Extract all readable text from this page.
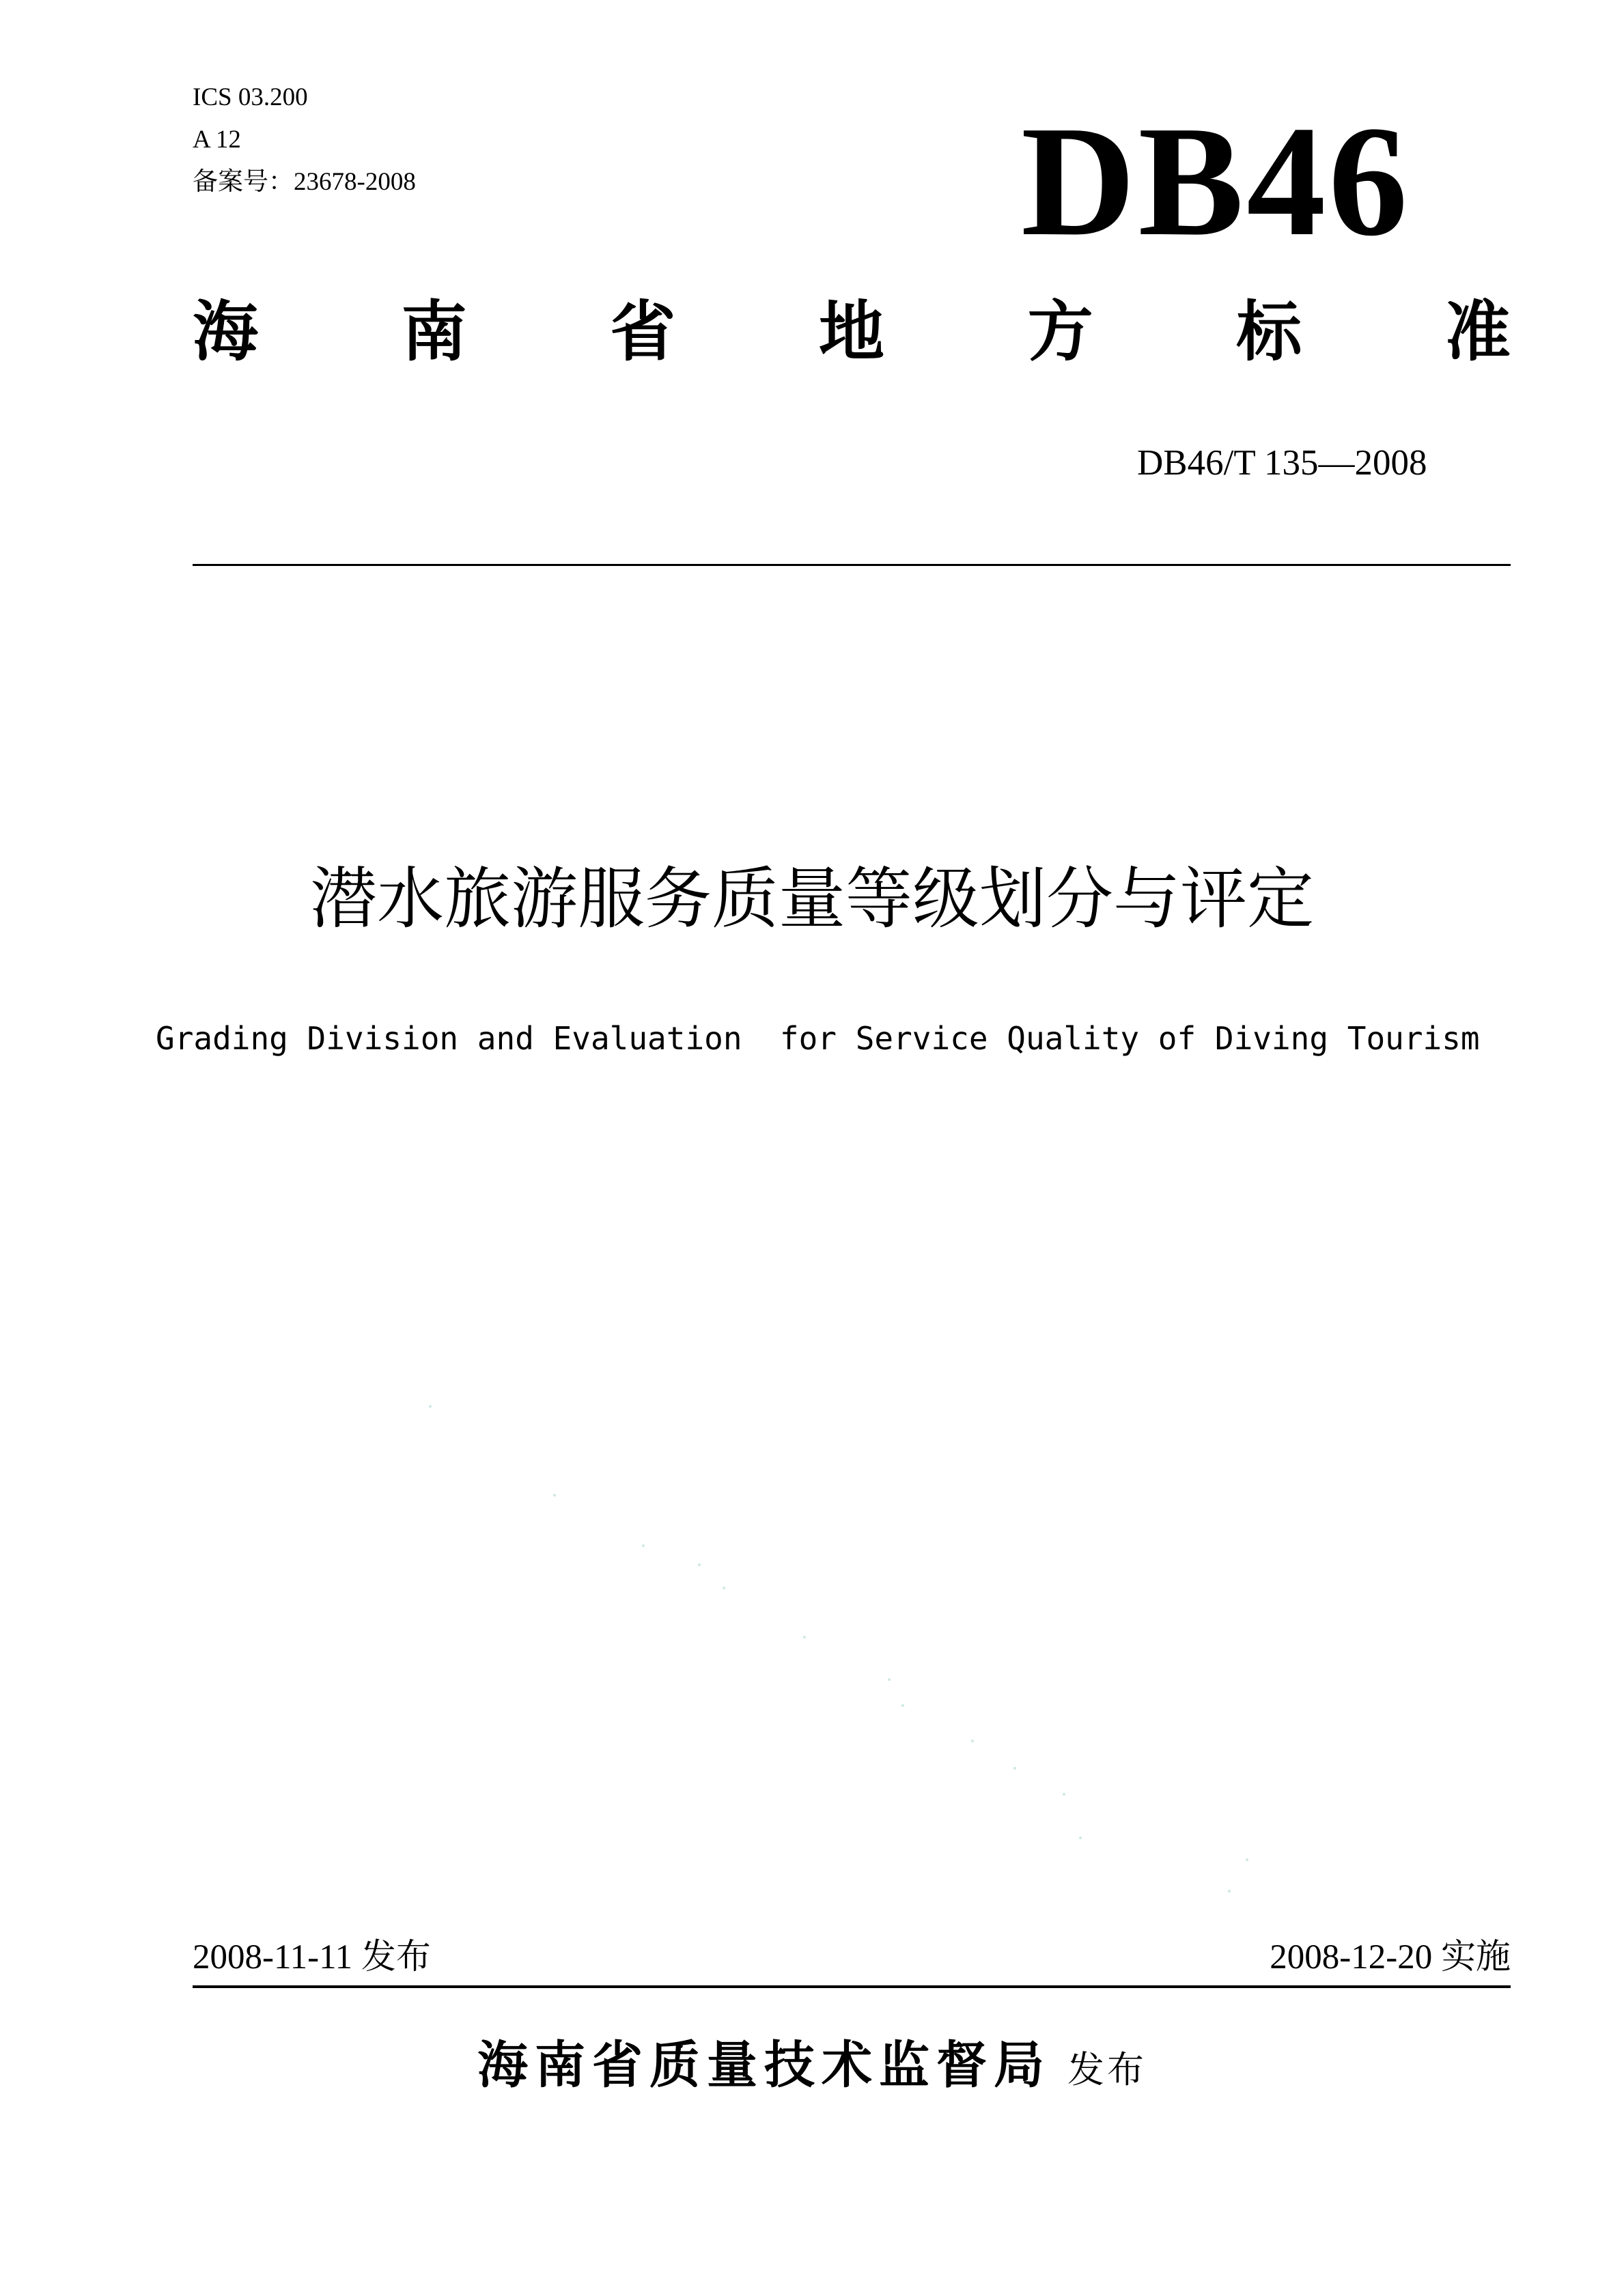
ICS 03.200
A 12
备案号：23678-2008	DB46
海 南 省 地 方 标 准
DB46/T 135—2008
潜水旅游服务质量等级划分与评定
Grading Division and Evaluation  for Service Quality of Diving Tourism
2008-11-11 发布	2008-12-20 实施
海南省质量技术监督局 发布
